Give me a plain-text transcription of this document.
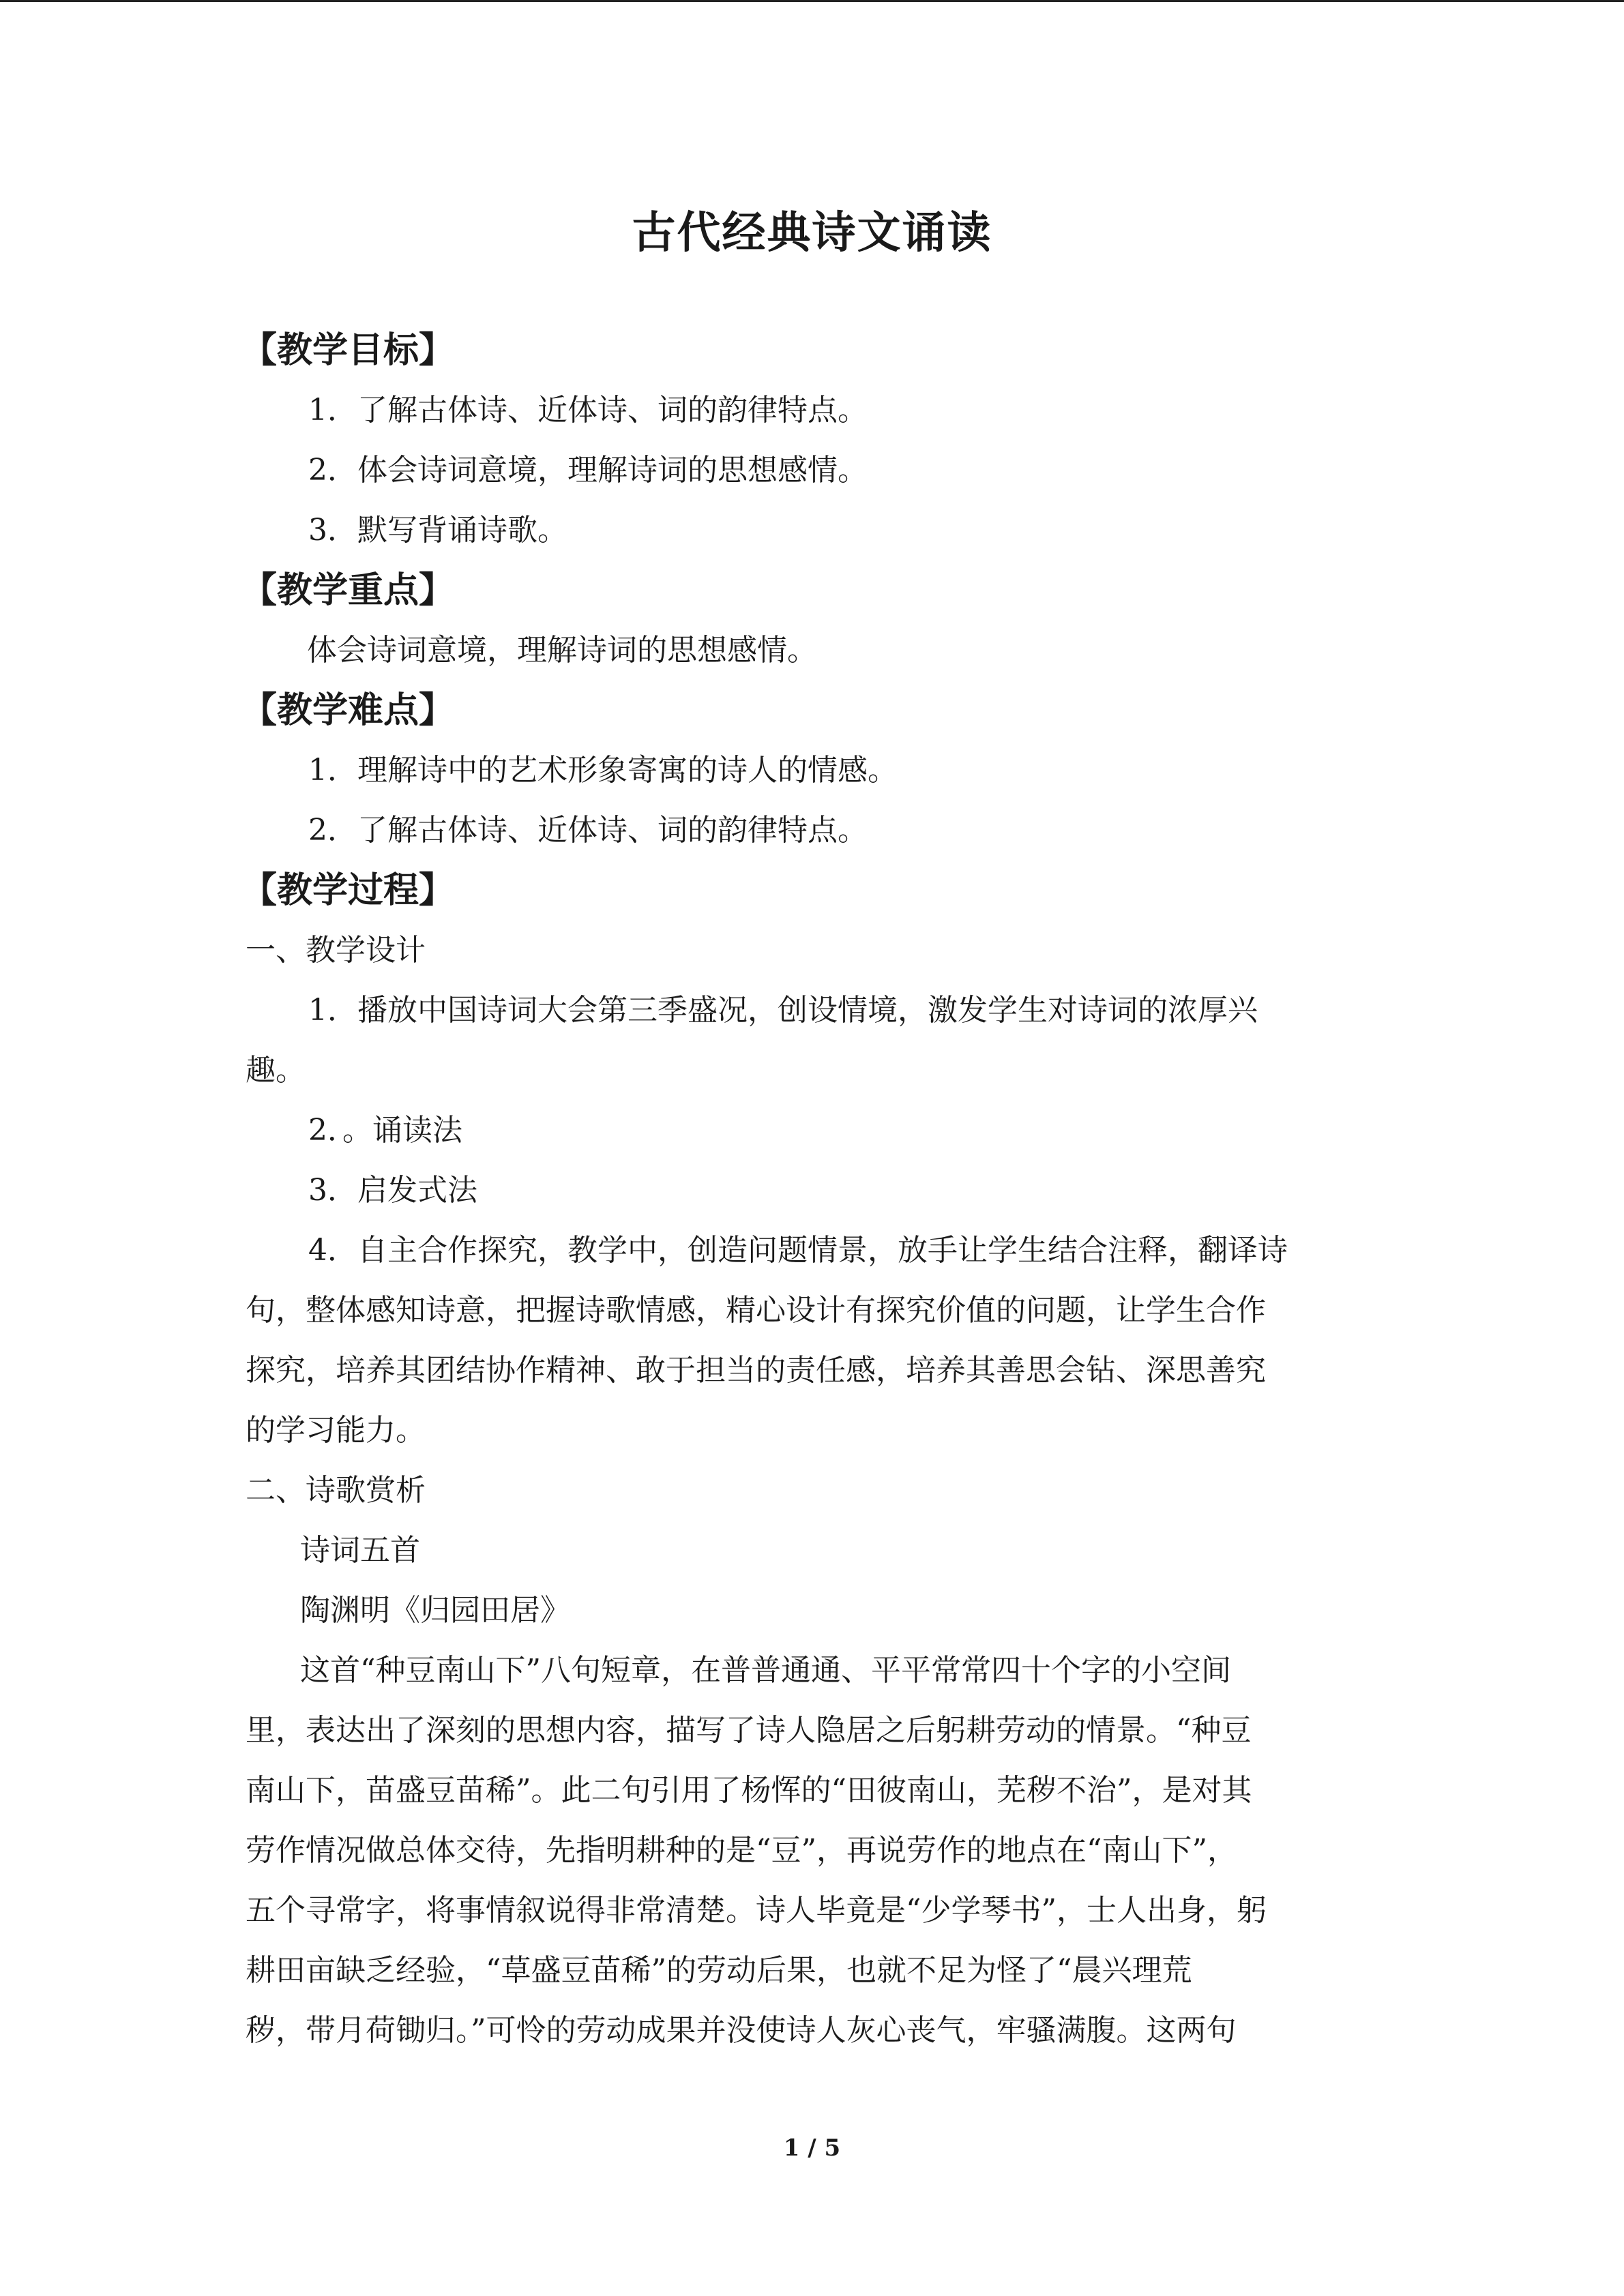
古代经典诗文诵读
【教学目标】
1．了解古体诗、近体诗、词的韵律特点。
2．体会诗词意境，理解诗词的思想感情。
3．默写背诵诗歌。
【教学重点】
体会诗词意境，理解诗词的思想感情。
【教学难点】
1．理解诗中的艺术形象寄寓的诗人的情感。
2．了解古体诗、近体诗、词的韵律特点。
【教学过程】
一、教学设计
1．播放中国诗词大会第三季盛况，创设情境，激发学生对诗词的浓厚兴
趣。
2．。诵读法
3．启发式法
4．自主合作探究，教学中，创造问题情景，放手让学生结合注释，翻译诗
句，整体感知诗意，把握诗歌情感，精心设计有探究价值的问题，让学生合作
探究，培养其团结协作精神、敢于担当的责任感，培养其善思会钻、深思善究
的学习能力。
二、诗歌赏析
诗词五首
陶渊明《归园田居》
这首“种豆南山下”八句短章，在普普通通、平平常常四十个字的小空间
里，表达出了深刻的思想内容，描写了诗人隐居之后躬耕劳动的情景。“种豆
南山下，苗盛豆苗稀”。此二句引用了杨恽的“田彼南山，芜秽不治”，是对其
劳作情况做总体交待，先指明耕种的是“豆”，再说劳作的地点在“南山下”，
五个寻常字，将事情叙说得非常清楚。诗人毕竟是“少学琴书”，士人出身，躬
耕田亩缺乏经验，“草盛豆苗稀”的劳动后果，也就不足为怪了“晨兴理荒
秽，带月荷锄归。”可怜的劳动成果并没使诗人灰心丧气，牢骚满腹。这两句
1 / 5
